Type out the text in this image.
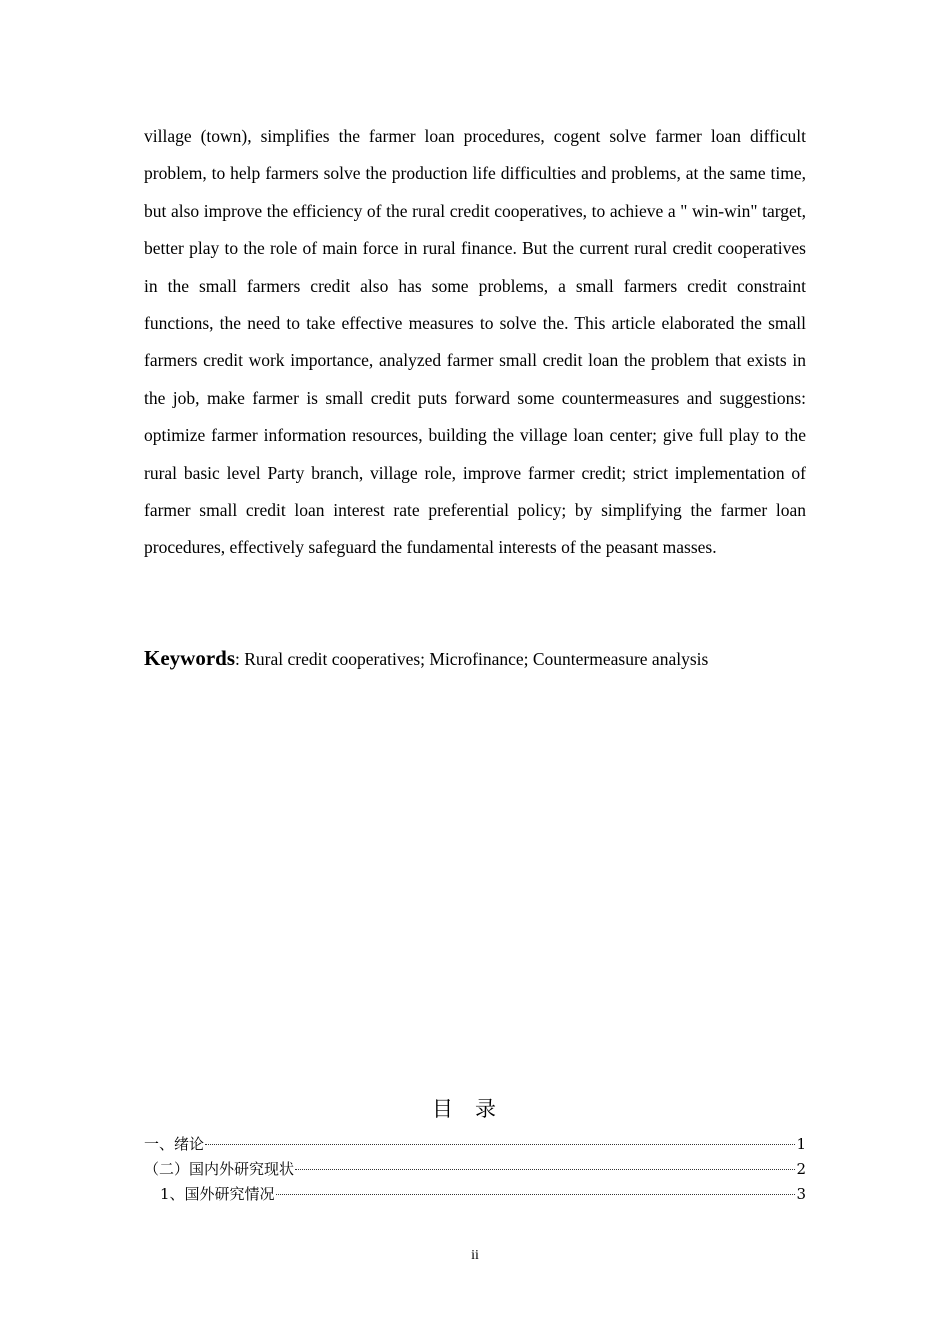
village (town), simplifies the farmer loan procedures, cogent solve farmer loan difficult problem, to help farmers solve the production life difficulties and problems, at the same time, but also improve the efficiency of the rural credit cooperatives, to achieve a " win-win" target, better play to the role of main force in rural finance. But the current rural credit cooperatives in the small farmers credit also has some problems, a small farmers credit constraint functions, the need to take effective measures to solve the. This article elaborated the small farmers credit work importance, analyzed farmer small credit loan the problem that exists in the job, make farmer is small credit puts forward some countermeasures and suggestions: optimize farmer information resources, building the village loan center; give full play to the rural basic level Party branch, village role, improve farmer credit; strict implementation of farmer small credit loan interest rate preferential policy; by simplifying the farmer loan procedures, effectively safeguard the fundamental interests of the peasant masses.

Keywords: Rural credit cooperatives; Microfinance; Countermeasure analysis
目录
一、绪论	1
（二）国内外研究现状	2
1、国外研究情况	3
ii
